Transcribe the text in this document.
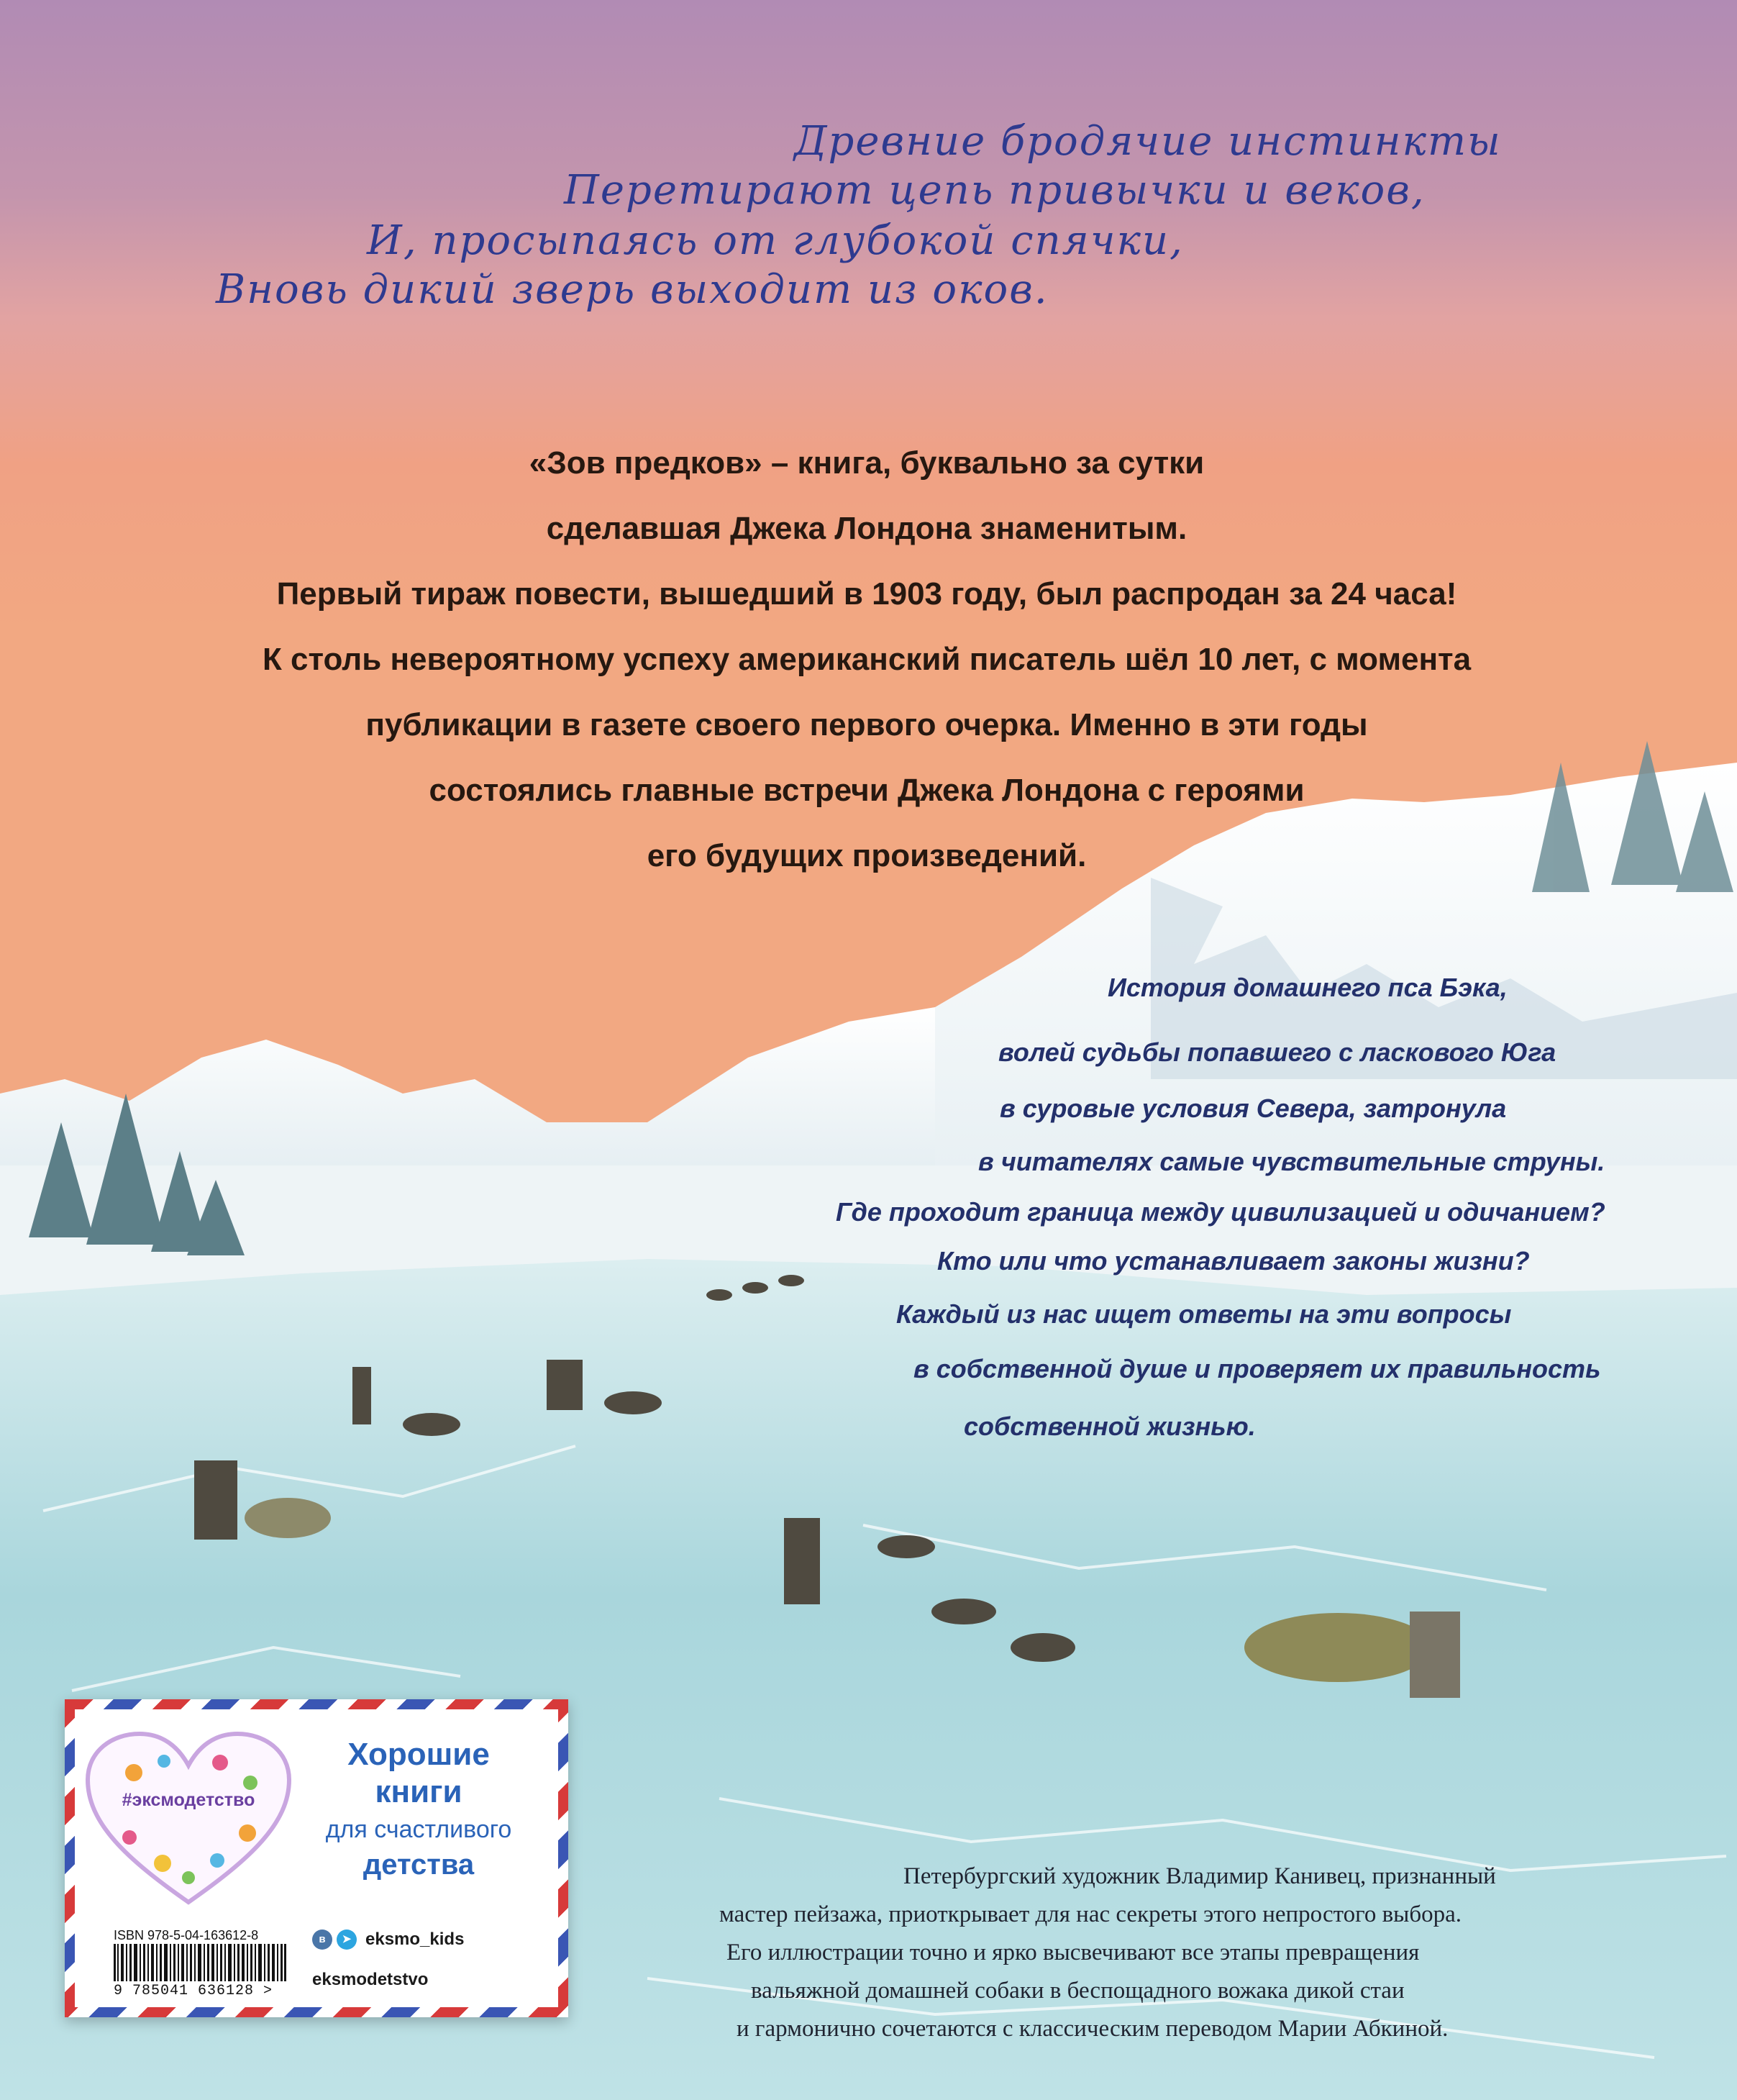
Древние бродячие инстинкты
Перетирают цепь привычки и веков,
И, просыпаясь от глубокой спячки,
Вновь дикий зверь выходит из оков.
«Зов предков» – книга, буквально за сутки
сделавшая Джека Лондона знаменитым.
Первый тираж повести, вышедший в 1903 году, был распродан за 24 часа!
К столь невероятному успеху американский писатель шёл 10 лет, с момента
публикации в газете своего первого очерка. Именно в эти годы
состоялись главные встречи Джека Лондона с героями
его будущих произведений.
История домашнего пса Бэка,
волей судьбы попавшего с ласкового Юга
в суровые условия Севера, затронула
в читателях самые чувствительные струны.
Где проходит граница между цивилизацией и одичанием?
Кто или что устанавливает законы жизни?
Каждый из нас ищет ответы на эти вопросы
в собственной душе и проверяет их правильность
собственной жизнью.
Петербургский художник Владимир Канивец, признанный
мастер пейзажа, приоткрывает для нас секреты этого непростого выбора.
Его иллюстрации точно и ярко высвечивают все этапы превращения
вальяжной домашней собаки в беспощадного вожака дикой стаи
и гармонично сочетаются с классическим переводом Марии Абкиной.
#эксмодетство
Хорошие
книги
для счастливого
детства
ISBN 978-5-04-163612-8
9 785041 636128 >
в	➤ eksmo_kids
eksmodetstvo
